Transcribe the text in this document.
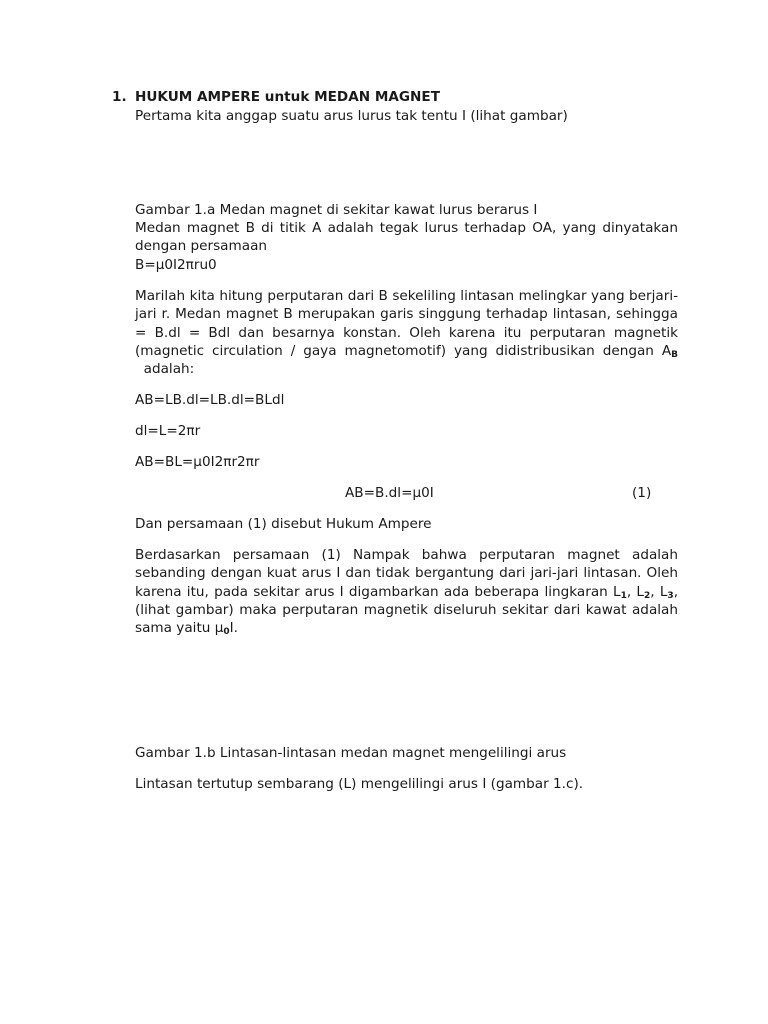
1. HUKUM AMPERE untuk MEDAN MAGNET
Pertama kita anggap suatu arus lurus tak tentu I (lihat gambar)
Gambar 1.a Medan magnet di sekitar kawat lurus berarus I
Medan magnet B di titik A adalah tegak lurus terhadap OA, yang dinyatakan dengan persamaan
B=μ0I2πru0
Marilah kita hitung perputaran dari B sekeliling lintasan melingkar yang berjari-jari r. Medan magnet B merupakan garis singgung terhadap lintasan, sehingga = B.dl = Bdl dan besarnya konstan. Oleh karena itu perputaran magnetik (magnetic circulation / gaya magnetomotif) yang didistribusikan dengan $A_B$  adalah:
AB=LB.dl=LB.dl=BLdl
dl=L=2πr
AB=BL=μ0I2πr2πr
AB=B.dl=μ0I	(1)
Dan persamaan (1) disebut Hukum Ampere
Berdasarkan persamaan (1) Nampak bahwa perputaran magnet adalah sebanding dengan kuat arus I dan tidak bergantung dari jari-jari lintasan. Oleh karena itu, pada sekitar arus I digambarkan ada beberapa lingkaran $L_1$, $L_2$, $L_3$, (lihat gambar) maka perputaran magnetik diseluruh sekitar dari kawat adalah sama yaitu $\mu_0I$.
Gambar 1.b Lintasan-lintasan medan magnet mengelilingi arus
Lintasan tertutup sembarang (L) mengelilingi arus I (gambar 1.c).
